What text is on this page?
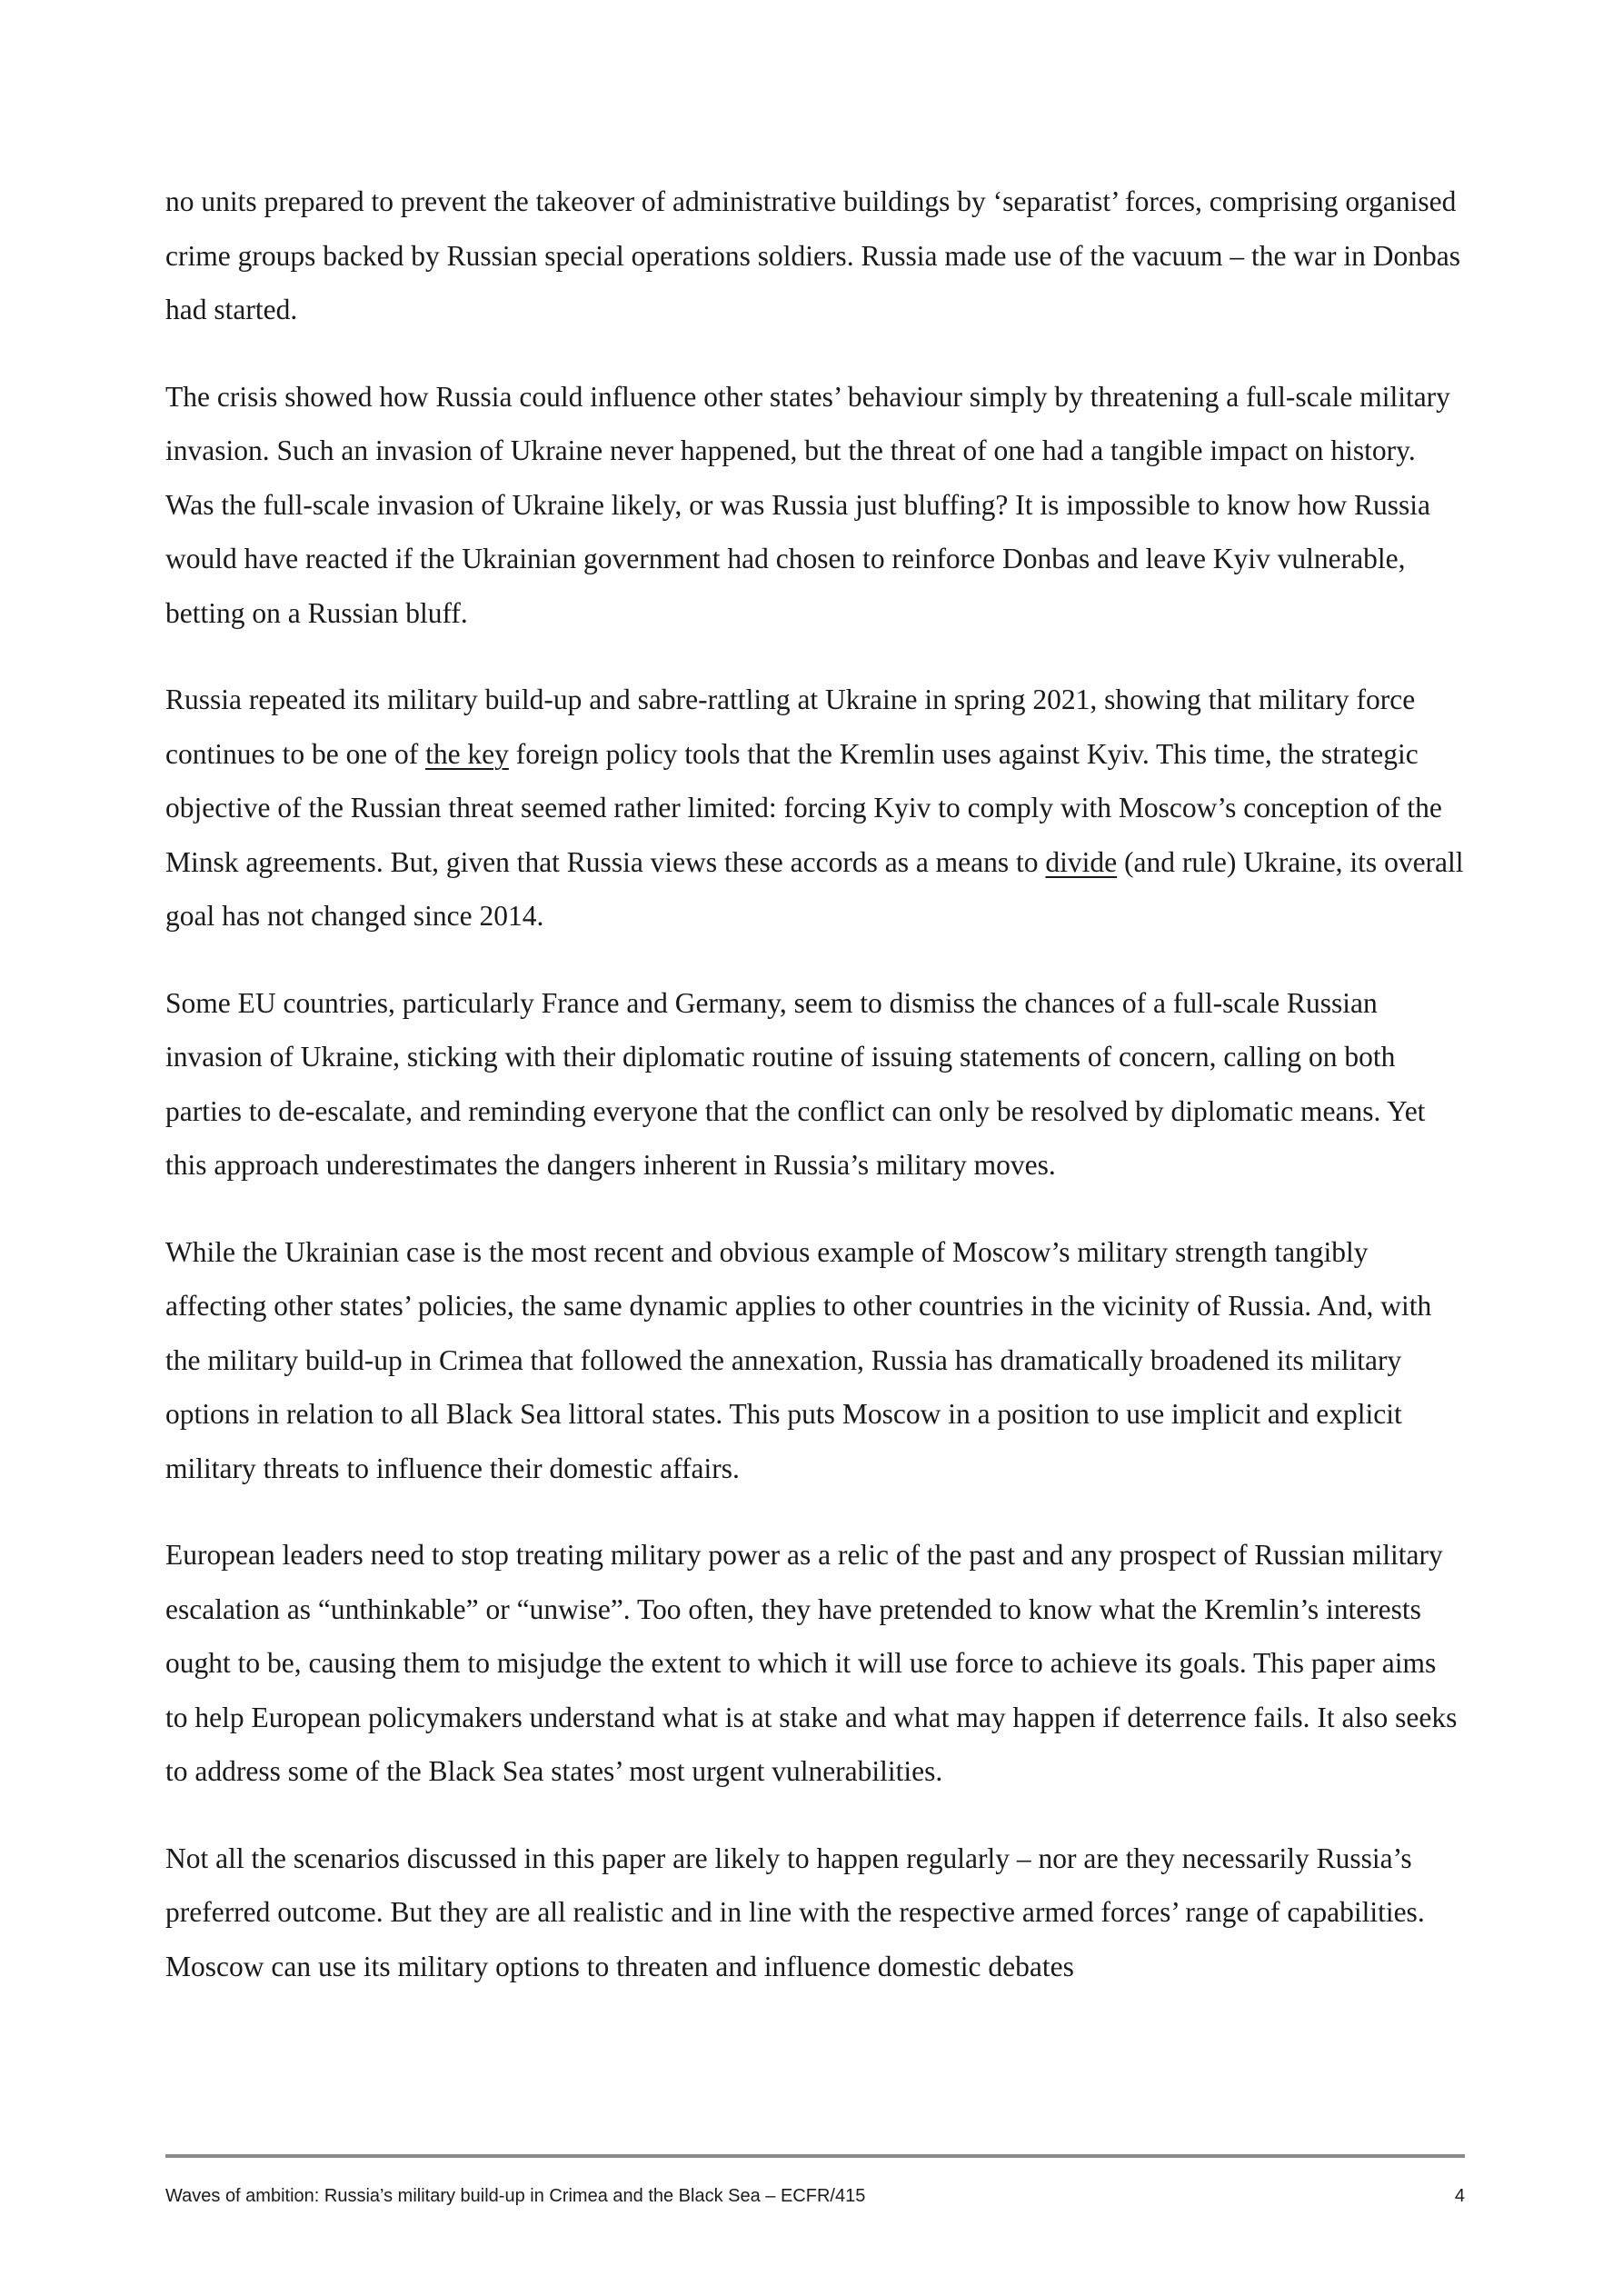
no units prepared to prevent the takeover of administrative buildings by ‘separatist’ forces, comprising organised crime groups backed by Russian special operations soldiers. Russia made use of the vacuum – the war in Donbas had started.

The crisis showed how Russia could influence other states’ behaviour simply by threatening a full-scale military invasion. Such an invasion of Ukraine never happened, but the threat of one had a tangible impact on history. Was the full-scale invasion of Ukraine likely, or was Russia just bluffing? It is impossible to know how Russia would have reacted if the Ukrainian government had chosen to reinforce Donbas and leave Kyiv vulnerable, betting on a Russian bluff.

Russia repeated its military build-up and sabre-rattling at Ukraine in spring 2021, showing that military force continues to be one of the key foreign policy tools that the Kremlin uses against Kyiv. This time, the strategic objective of the Russian threat seemed rather limited: forcing Kyiv to comply with Moscow’s conception of the Minsk agreements. But, given that Russia views these accords as a means to divide (and rule) Ukraine, its overall goal has not changed since 2014.

Some EU countries, particularly France and Germany, seem to dismiss the chances of a full-scale Russian invasion of Ukraine, sticking with their diplomatic routine of issuing statements of concern, calling on both parties to de-escalate, and reminding everyone that the conflict can only be resolved by diplomatic means. Yet this approach underestimates the dangers inherent in Russia’s military moves.

While the Ukrainian case is the most recent and obvious example of Moscow’s military strength tangibly affecting other states’ policies, the same dynamic applies to other countries in the vicinity of Russia. And, with the military build-up in Crimea that followed the annexation, Russia has dramatically broadened its military options in relation to all Black Sea littoral states. This puts Moscow in a position to use implicit and explicit military threats to influence their domestic affairs.

European leaders need to stop treating military power as a relic of the past and any prospect of Russian military escalation as “unthinkable” or “unwise”. Too often, they have pretended to know what the Kremlin’s interests ought to be, causing them to misjudge the extent to which it will use force to achieve its goals. This paper aims to help European policymakers understand what is at stake and what may happen if deterrence fails. It also seeks to address some of the Black Sea states’ most urgent vulnerabilities.

Not all the scenarios discussed in this paper are likely to happen regularly – nor are they necessarily Russia’s preferred outcome. But they are all realistic and in line with the respective armed forces’ range of capabilities. Moscow can use its military options to threaten and influence domestic debates

Waves of ambition: Russia’s military build-up in Crimea and the Black Sea – ECFR/415	4
